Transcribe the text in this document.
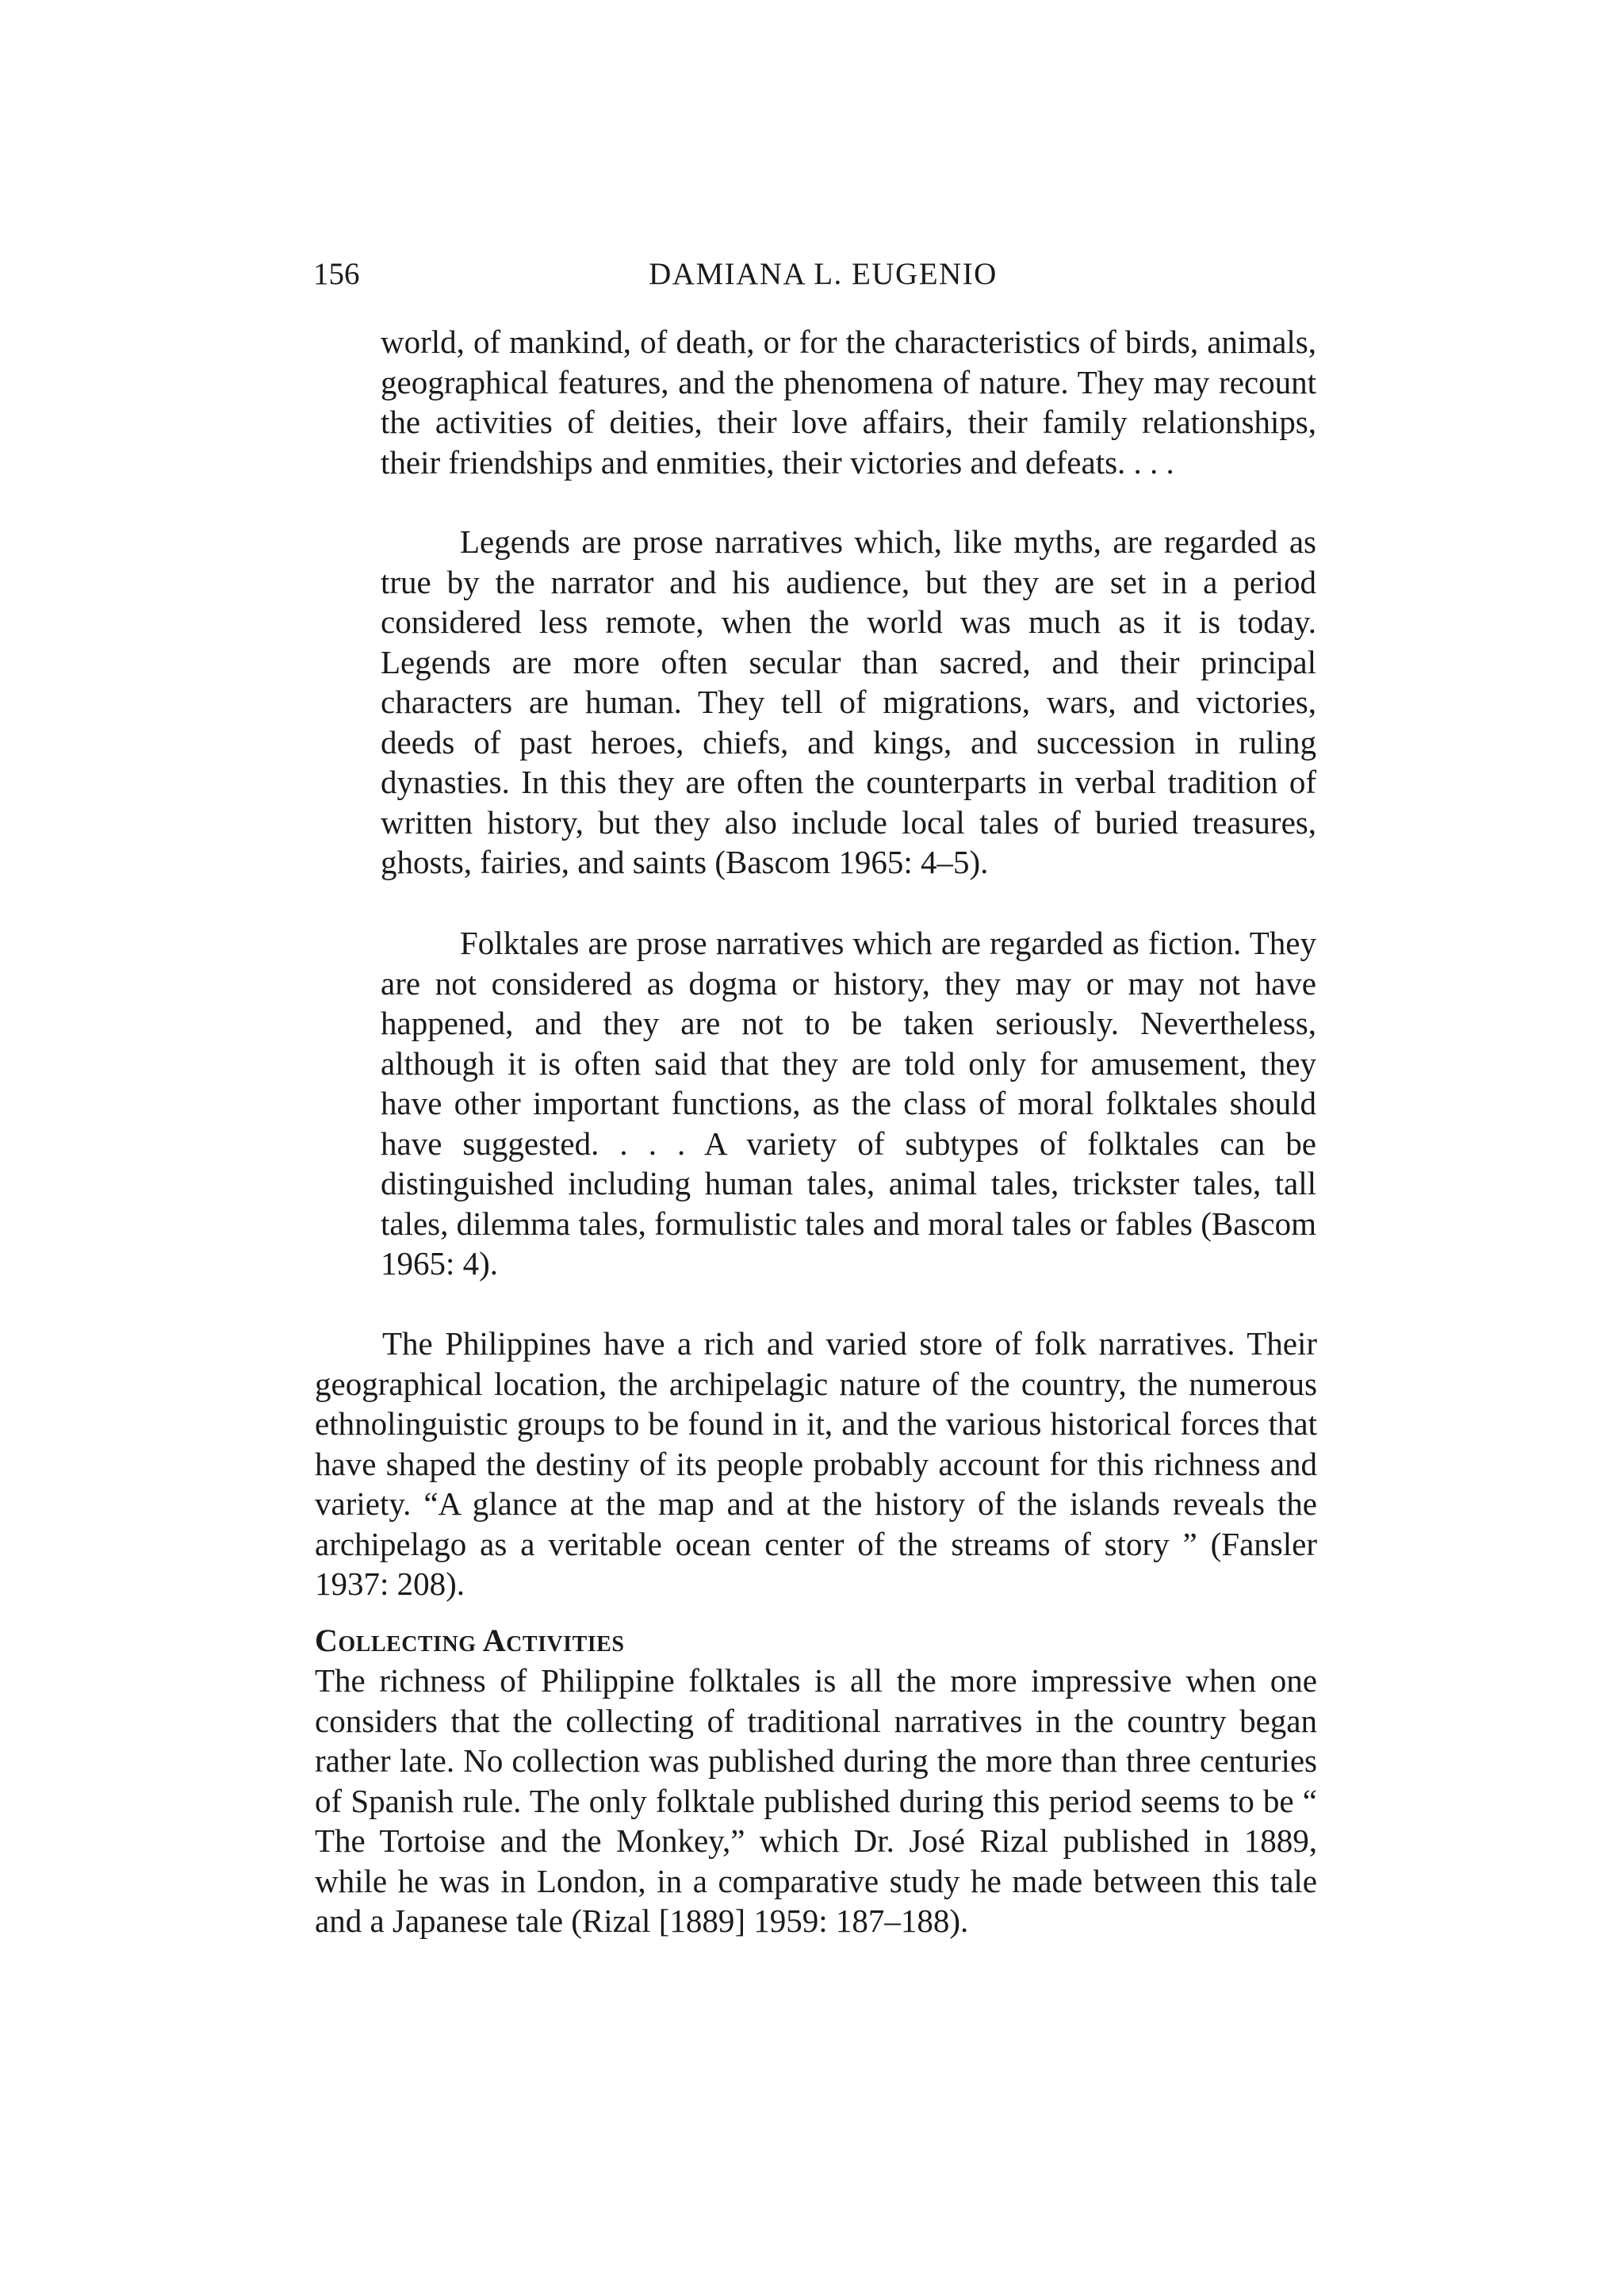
156	DAMIANA L. EUGENIO

world, of mankind, of death, or for the characteristics of birds, animals, geographical features, and the phenomena of nature. They may recount the activities of deities, their love affairs, their family relationships, their friendships and enmities, their victories and defeats. . . .

Legends are prose narratives which, like myths, are regarded as true by the narrator and his audience, but they are set in a period considered less remote, when the world was much as it is today. Legends are more often secular than sacred, and their principal characters are human. They tell of migrations, wars, and victories, deeds of past heroes, chiefs, and kings, and succession in ruling dynasties. In this they are often the counterparts in verbal tradition of written history, but they also include local tales of buried treasures, ghosts, fairies, and saints (Bascom 1965: 4–5).

Folktales are prose narratives which are regarded as fiction. They are not considered as dogma or history, they may or may not have happened, and they are not to be taken seriously. Nevertheless, although it is often said that they are told only for amusement, they have other important functions, as the class of moral folktales should have suggested. . . . A variety of subtypes of folktales can be distinguished including human tales, animal tales, trickster tales, tall tales, dilemma tales, formulistic tales and moral tales or fables (Bascom 1965: 4).

The Philippines have a rich and varied store of folk narratives. Their geographical location, the archipelagic nature of the country, the numerous ethnolinguistic groups to be found in it, and the various historical forces that have shaped the destiny of its people probably account for this richness and variety. “A glance at the map and at the history of the islands reveals the archipelago as a veritable ocean center of the streams of story ” (Fansler 1937: 208).

Collecting Activities

The richness of Philippine folktales is all the more impressive when one considers that the collecting of traditional narratives in the country began rather late. No collection was published during the more than three centuries of Spanish rule. The only folktale published during this period seems to be “ The Tortoise and the Monkey,” which Dr. José Rizal published in 1889, while he was in London, in a comparative study he made between this tale and a Japanese tale (Rizal [1889] 1959: 187–188).
